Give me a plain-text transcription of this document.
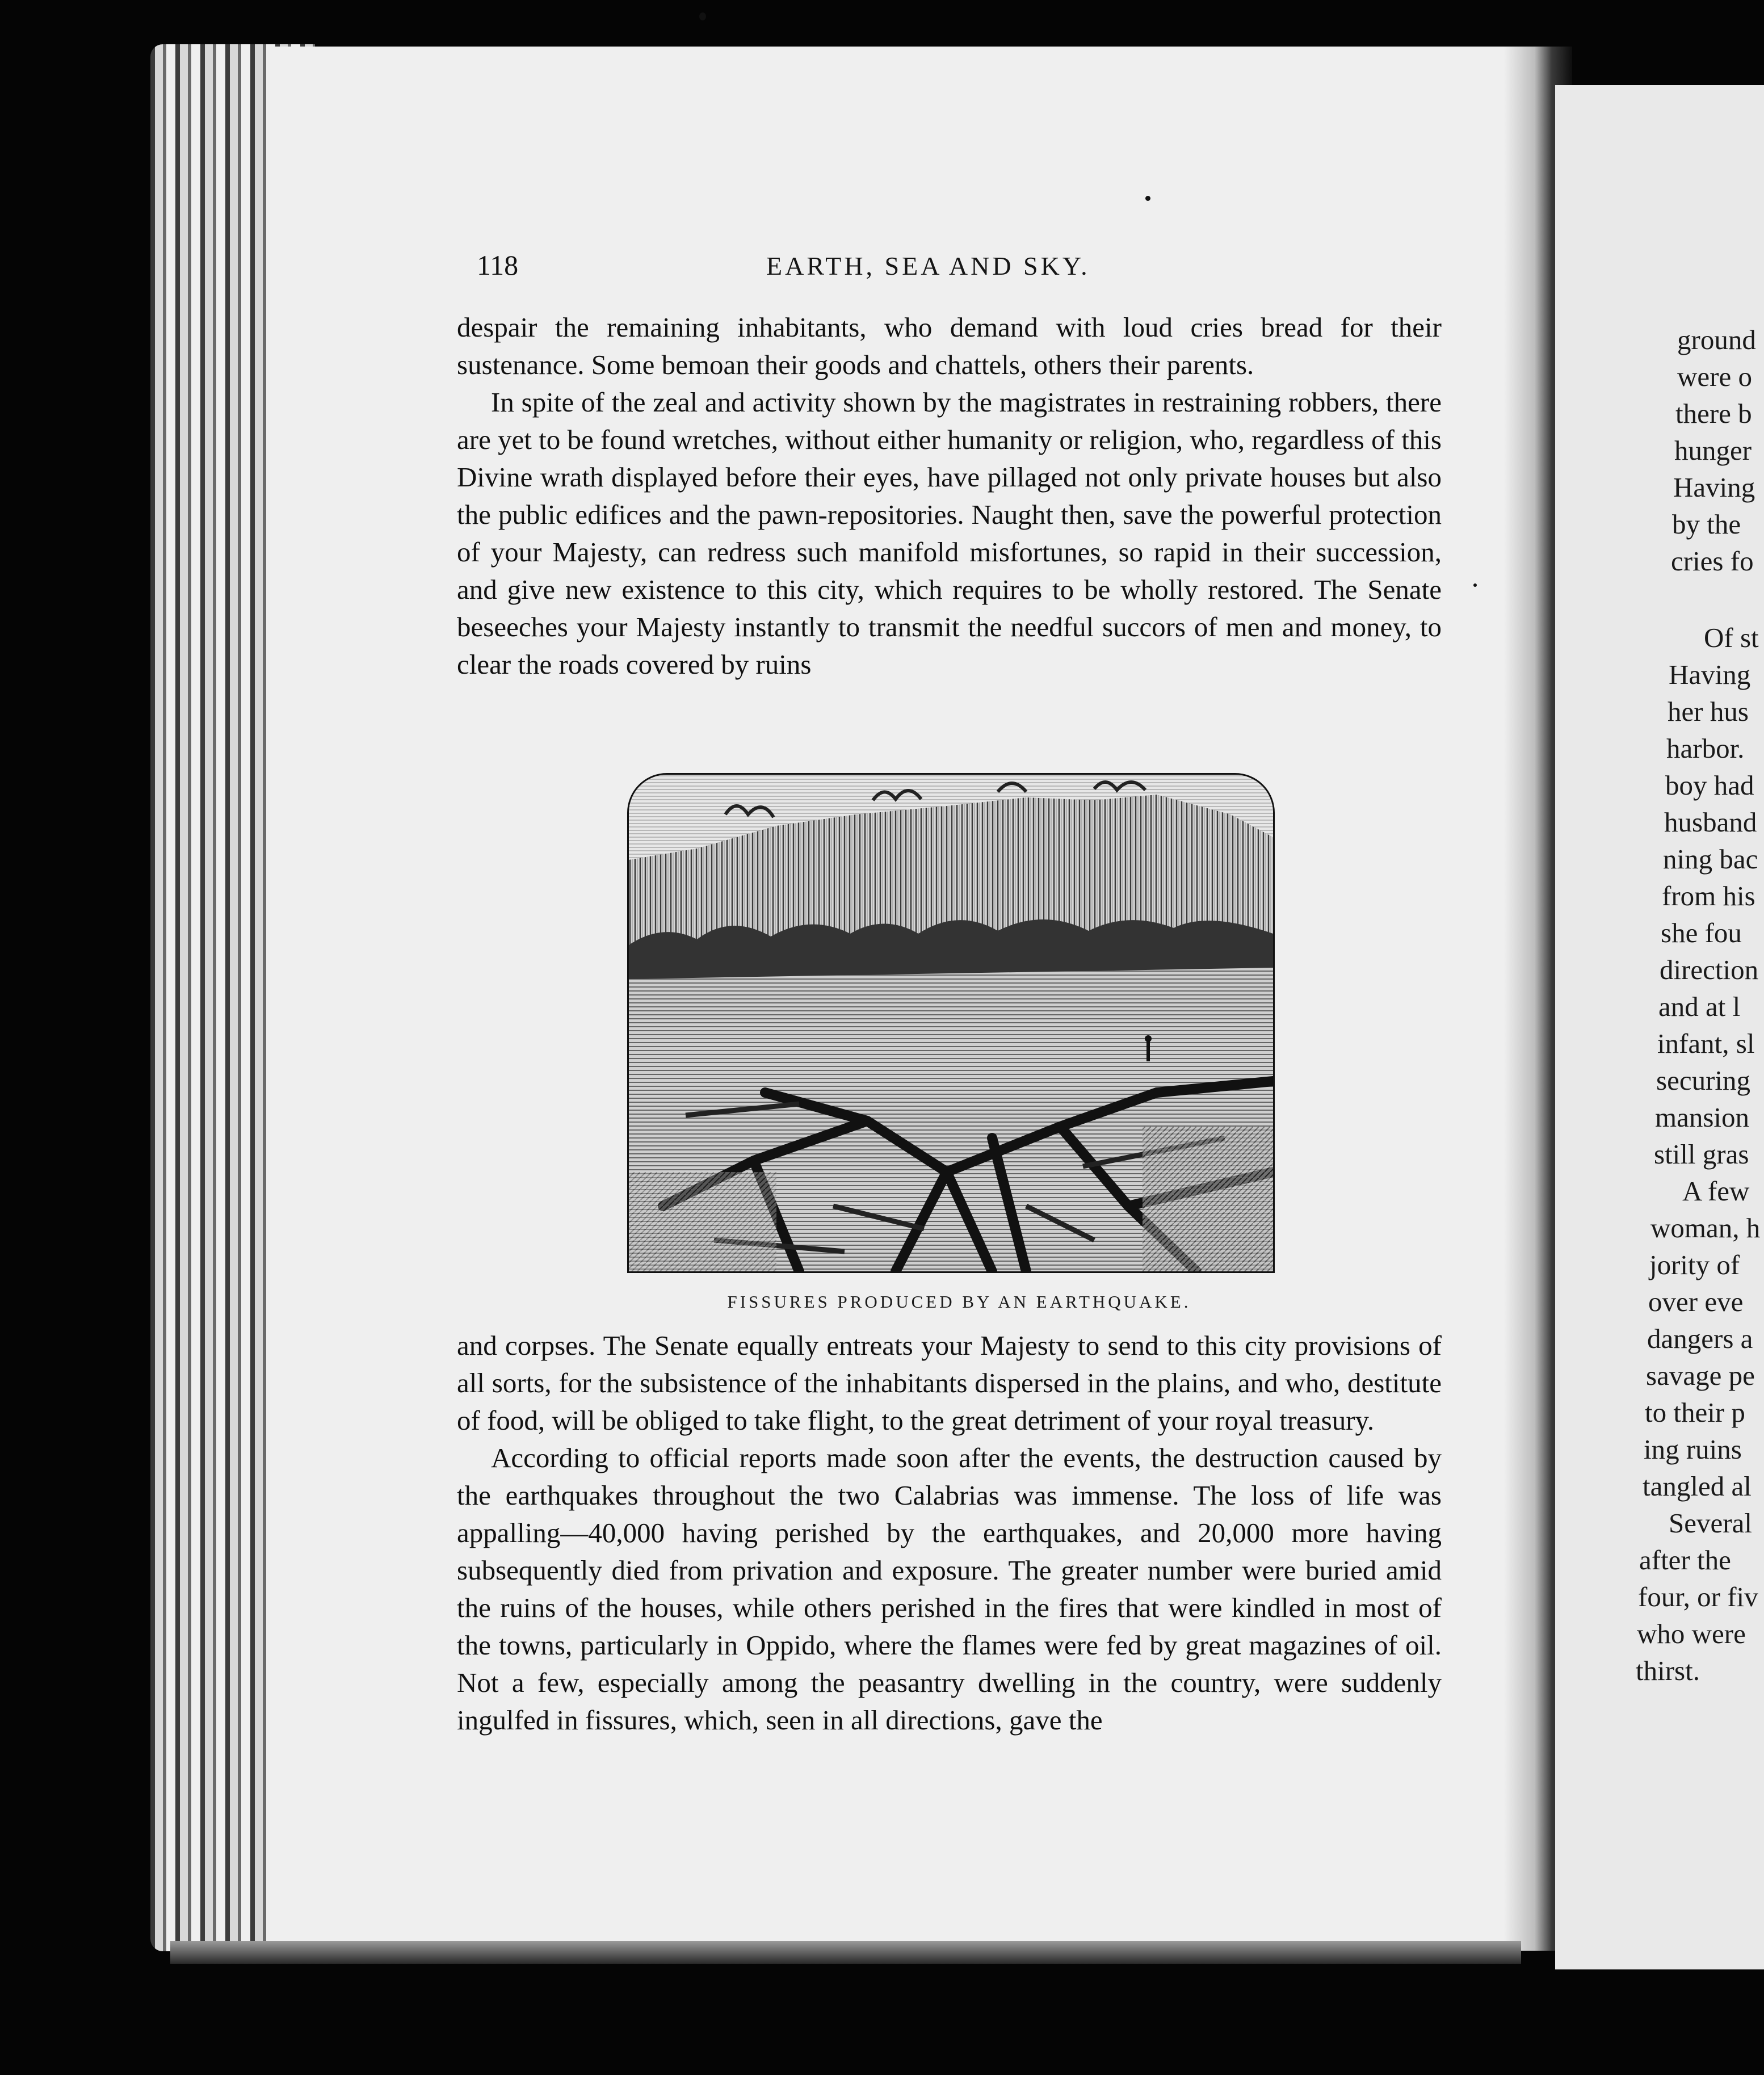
118	EARTH, SEA AND SKY.

despair the remaining inhabitants, who demand with loud cries bread for their sustenance. Some bemoan their goods and chattels, others their parents.

In spite of the zeal and activity shown by the magistrates in restraining robbers, there are yet to be found wretches, without either humanity or religion, who, regardless of this Divine wrath displayed before their eyes, have pillaged not only private houses but also the public edifices and the pawn-repositories. Naught then, save the powerful protection of your Majesty, can redress such manifold misfortunes, so rapid in their succession, and give new existence to this city, which requires to be wholly restored. The Senate beseeches your Majesty instantly to transmit the needful succors of men and money, to clear the roads covered by ruins

FISSURES PRODUCED BY AN EARTHQUAKE.

and corpses. The Senate equally entreats your Majesty to send to this city provisions of all sorts, for the subsistence of the inhabitants dispersed in the plains, and who, destitute of food, will be obliged to take flight, to the great detriment of your royal treasury.

According to official reports made soon after the events, the destruction caused by the earthquakes throughout the two Calabrias was immense. The loss of life was appalling—40,000 having perished by the earthquakes, and 20,000 more having subsequently died from privation and exposure. The greater number were buried amid the ruins of the houses, while others perished in the fires that were kindled in most of the towns, particularly in Oppido, where the flames were fed by great magazines of oil. Not a few, especially among the peasantry dwelling in the country, were suddenly ingulfed in fissures, which, seen in all directions, gave the

ground
were o
there b
hunger
Having
by the
cries fo
Of st
Having
her hus
harbor.
boy had
husband
ning bac
from his
she fou
direction
and at l
infant, sl
securing
mansion
still gras
A few
woman, h
jority of
over eve
dangers a
savage pe
to their p
ing ruins
tangled al
Several
after the
four, or fiv
who were
thirst.
